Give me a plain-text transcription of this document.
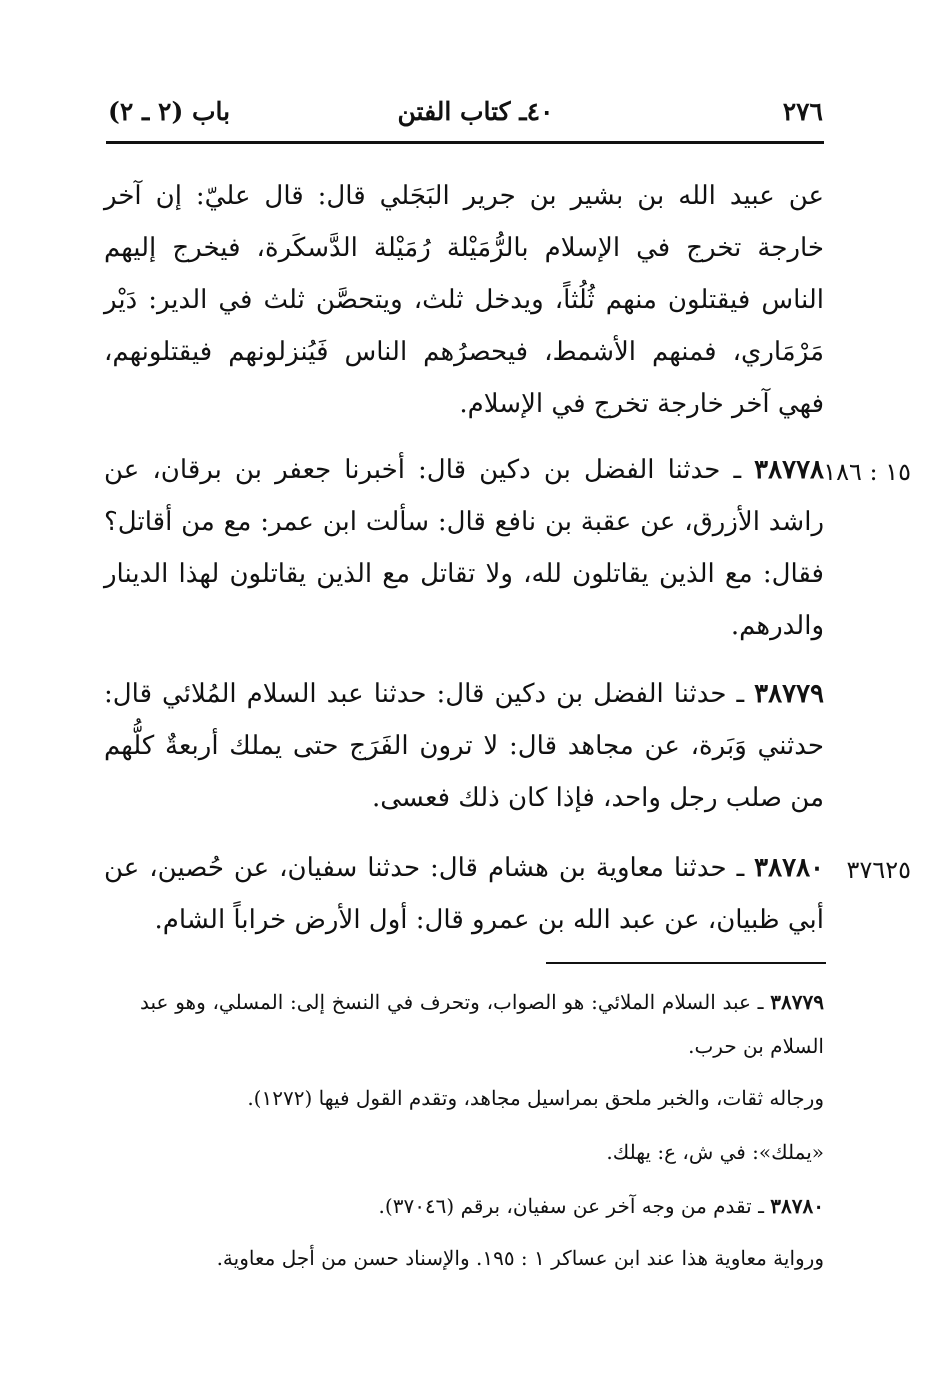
٢٧٦
٤٠ـ كتاب الفتن
باب (٢ ـ ٢)
عن عبيد الله بن بشير بن جرير البَجَلي قال: قال عليّ: إن آخر خارجة تخرج في الإسلام بالرُّمَيْلة رُمَيْلة الدَّسكَرة، فيخرج إليهم الناس فيقتلون منهم ثُلُثاً، ويدخل ثلث، ويتحصَّن ثلث في الدير: دَيْر مَرْمَاري، فمنهم الأشمط، فيحصرُهم الناس فَيُنزلونهم فيقتلونهم، فهي آخر خارجة تخرج في الإسلام.
١٥ : ١٨٦
٣٨٧٧٨ ـ حدثنا الفضل بن دكين قال: أخبرنا جعفر بن برقان، عن راشد الأزرق، عن عقبة بن نافع قال: سألت ابن عمر: مع من أقاتل؟ فقال: مع الذين يقاتلون لله، ولا تقاتل مع الذين يقاتلون لهذا الدينار والدرهم.
٣٨٧٧٩ ـ حدثنا الفضل بن دكين قال: حدثنا عبد السلام المُلائي قال: حدثني وَبَرة، عن مجاهد قال: لا ترون الفَرَج حتى يملك أربعةٌ كلُّهم من صلب رجل واحد، فإذا كان ذلك فعسى.
٣٧٦٢٥
٣٨٧٨٠ ـ حدثنا معاوية بن هشام قال: حدثنا سفيان، عن حُصين، عن أبي ظبيان، عن عبد الله بن عمرو قال: أول الأرض خراباً الشام.
٣٨٧٧٩ ـ عبد السلام الملائي: هو الصواب، وتحرف في النسخ إلى: المسلي، وهو عبد السلام بن حرب.
ورجاله ثقات، والخبر ملحق بمراسيل مجاهد، وتقدم القول فيها (١٢٧٢).
«يملك»: في ش، ع: يهلك.
٣٨٧٨٠ ـ تقدم من وجه آخر عن سفيان، برقم (٣٧٠٤٦).
ورواية معاوية هذا عند ابن عساكر ١ : ١٩٥. والإسناد حسن من أجل معاوية.
